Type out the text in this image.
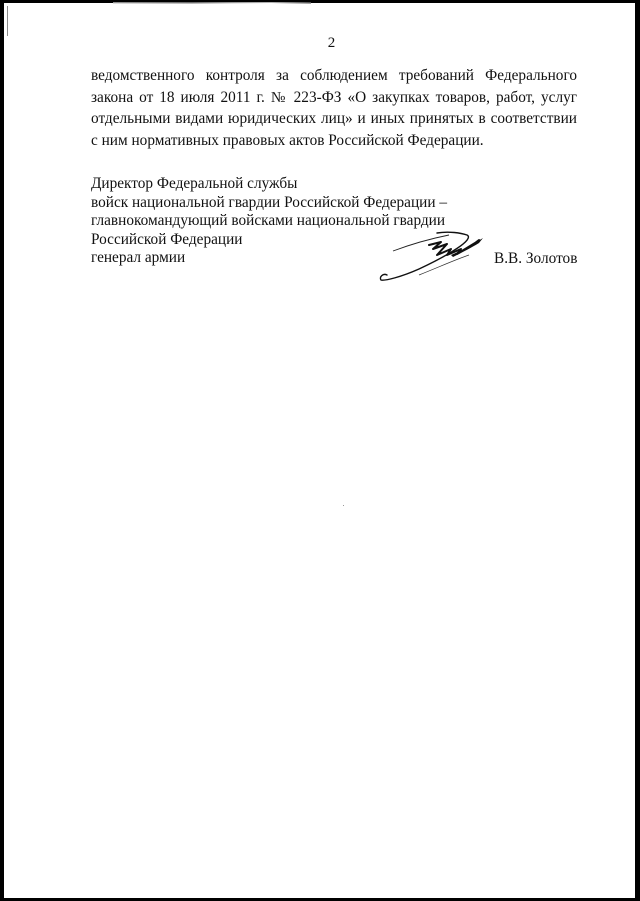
2
ведомственного контроля за соблюдением требований Федерального
закона от 18 июля 2011 г. № 223-ФЗ «О закупках товаров, работ, услуг
отдельными видами юридических лиц» и иных принятых в соответствии
с ним нормативных правовых актов Российской Федерации.
Директор Федеральной службы
войск национальной гвардии Российской Федерации –
главнокомандующий войсками национальной гвардии
Российской Федерации
генерал армии	В.В. Золотов
